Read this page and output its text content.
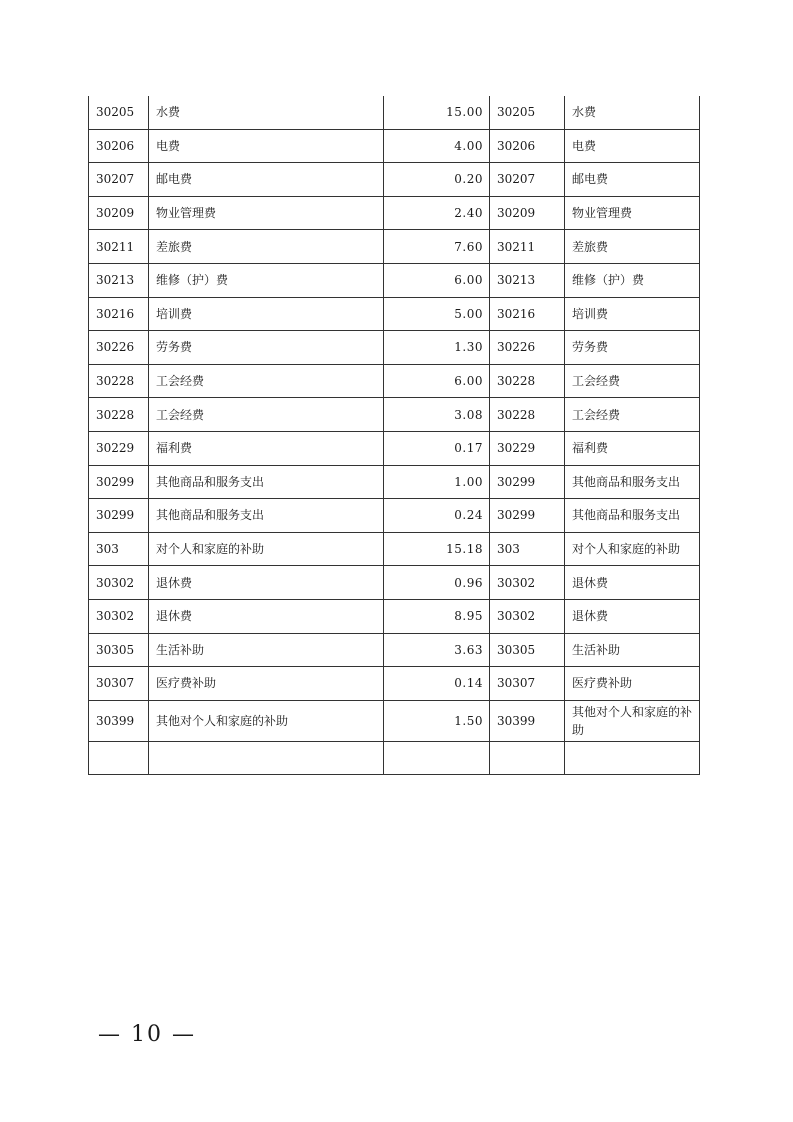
30205	水费	15.00	30205	水费
30206	电费	4.00	30206	电费
30207	邮电费	0.20	30207	邮电费
30209	物业管理费	2.40	30209	物业管理费
30211	差旅费	7.60	30211	差旅费
30213	维修（护）费	6.00	30213	维修（护）费
30216	培训费	5.00	30216	培训费
30226	劳务费	1.30	30226	劳务费
30228	工会经费	6.00	30228	工会经费
30228	工会经费	3.08	30228	工会经费
30229	福利费	0.17	30229	福利费
30299	其他商品和服务支出	1.00	30299	其他商品和服务支出
30299	其他商品和服务支出	0.24	30299	其他商品和服务支出
303	对个人和家庭的补助	15.18	303	对个人和家庭的补助
30302	退休费	0.96	30302	退休费
30302	退休费	8.95	30302	退休费
30305	生活补助	3.63	30305	生活补助
30307	医疗费补助	0.14	30307	医疗费补助
30399	其他对个人和家庭的补助	1.50	30399	其他对个人和家庭的补助

— 10 —
